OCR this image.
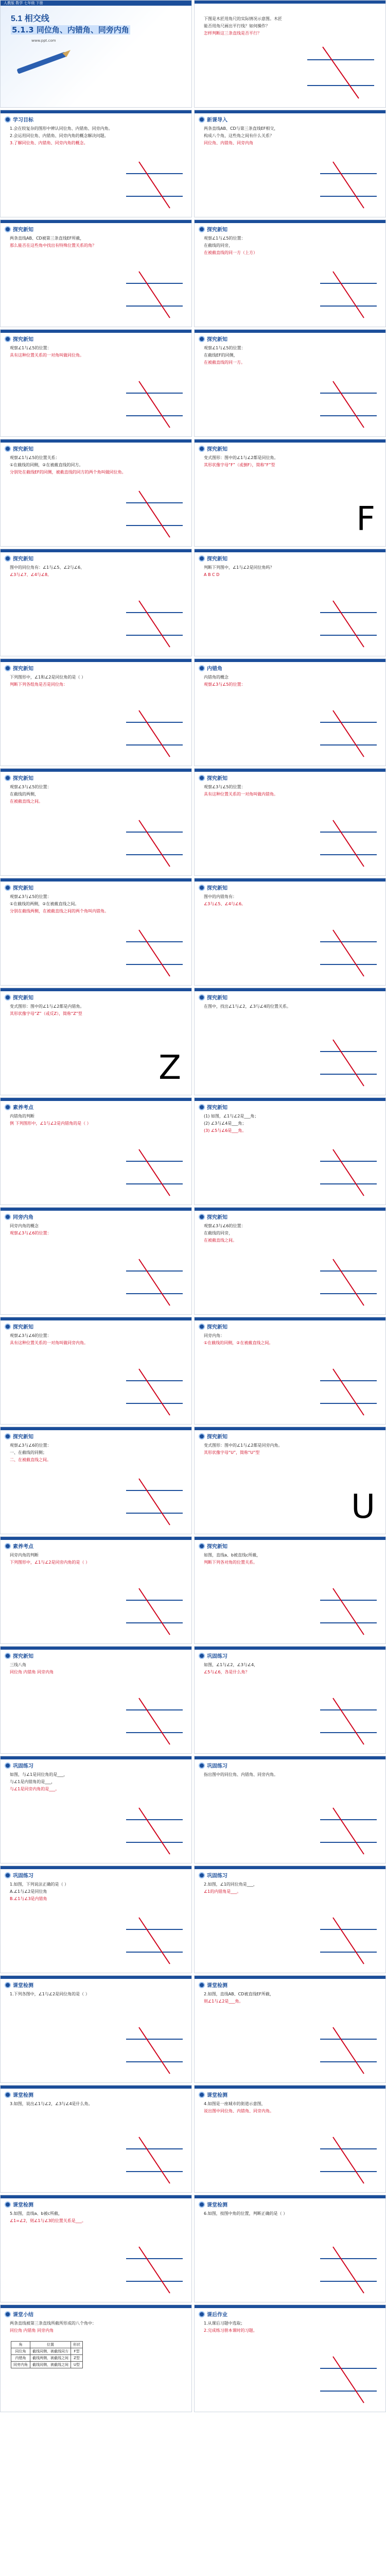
人教版 数学 七年级 下册
5.1 相交线
5.1.3 同位角、内错角、同旁内角
www.ppt.com

下图是木匠用角尺的实际情况示意图。木匠

能否用角尺画出平行线？如何操作？

怎样判断这三条直线是否平行？

学习目标

1.会在较复杂的图形中辨认同位角、内错角、同旁内角。

2.会运用同位角、内错角、同旁内角的概念解决问题。

3.了解同位角、内错角、同旁内角的概念。

新课导入

两条直线AB、CD与第三条直线EF相交，

构成八个角，这些角之间有什么关系？

同位角、内错角、同旁内角

探究新知

两条直线AB、CD被第三条直线EF所截，

那么能否在这些角中找出有特殊位置关系的角？

探究新知

观察∠1与∠5的位置：

在截线的同旁，

在被截直线的同一方（上方）

探究新知

观察∠1与∠5的位置：

具有这种位置关系的一对角叫做同位角。

探究新知

观察∠1与∠5的位置：

在截线EF的同侧，

在被截直线的同一方。

探究新知

观察∠1与∠5的位置关系：

①在截线的同侧，②在被截直线的同方。

分别处在截线EF的同侧，被截直线的同方的两个角叫做同位角。

探究新知

变式图形：图中的∠1与∠2都是同位角。

其形状像字母“F”（或倒F），简称“F”型

F
探究新知

图中的同位角有：∠1与∠5、∠2与∠6、

∠3与∠7、∠4与∠8。

探究新知

判断下列图中，∠1与∠2是同位角吗？

A B C D

探究新知

下列图形中，∠1和∠2是同位角的是（ ）

判断下列各组角是否是同位角：

内错角

内错角的概念

观察∠3与∠5的位置：

探究新知

观察∠3与∠5的位置：

在截线的两侧，

在被截直线之间。

探究新知

观察∠3与∠5的位置：

具有这种位置关系的一对角叫做内错角。

探究新知

观察∠3与∠5的位置：

①在截线的两侧，②在被截直线之间。

分别在截线两侧，在被截直线之间的两个角叫内错角。

探究新知

图中的内错角有：

∠3与∠5、∠4与∠6。

探究新知

变式图形：图中的∠1与∠2都是内错角。

其形状像字母“Z”（或反Z），简称“Z”型

Z
探究新知

在图中，找出∠1与∠2，∠3与∠4的位置关系。

素养考点

内错角的判断

例 下列图形中，∠1与∠2是内错角的是（ ）

探究新知

(1) 如图，∠1与∠2是___角；

(2) ∠3与∠4是___角；

(3) ∠5与∠6是___角。

同旁内角

同旁内角的概念

观察∠3与∠6的位置：

探究新知

观察∠3与∠6的位置：

在截线的同旁，

在被截直线之间。

探究新知

观察∠3与∠6的位置：

具有这种位置关系的一对角叫做同旁内角。

探究新知

同旁内角：

①在截线的同侧，②在被截直线之间。

探究新知

观察∠3与∠6的位置：

一、在截线的同侧；

二、在被截直线之间。

探究新知

变式图形：图中的∠1与∠2都是同旁内角。

其形状像字母“U”，简称“U”型

U
素养考点

同旁内角的判断

下列图形中，∠1与∠2是同旁内角的是（ ）

探究新知

如图，直线a、b被直线c所截，

判断下列各对角的位置关系。

探究新知

三线八角

同位角 内错角 同旁内角

巩固练习

如图，∠1与∠2，∠3与∠4，

∠5与∠6，各是什么角？

巩固练习

如图，与∠1是同位角的是___，

与∠1是内错角的是___，

与∠1是同旁内角的是___。

巩固练习

指出图中的同位角、内错角、同旁内角。

巩固练习

1.如图，下列说法正确的是（ ）

A.∠1与∠2是同位角

B.∠1与∠3是内错角

巩固练习

2.如图，∠1的同位角是___，

∠1的内错角是___。

课堂检测

1.下列各图中，∠1与∠2是同位角的是（ ）

课堂检测

2.如图，直线AB、CD被直线EF所截，

则∠1与∠2是___角。

课堂检测

3.如图，说出∠1与∠2，∠3与∠4是什么角。

课堂检测

4.如图是一座城市的街道示意图，

说出图中同位角、内错角、同旁内角。

课堂检测

5.如图，直线a、b被c所截，

∠1=∠2，则∠1与∠3的位置关系是___。

课堂检测

6.如图，按图中角的位置，判断正确的是（ ）

课堂小结

两条直线被第三条直线所截所形成的八个角中：

同位角 内错角 同旁内角

角	位置	形状
同位角	截线同侧，被截线同方	F型
内错角	截线两侧，被截线之间	Z型
同旁内角	截线同侧，被截线之间	U型
课后作业

1.从课后习题中选取；

2.完成练习册本课时的习题。
